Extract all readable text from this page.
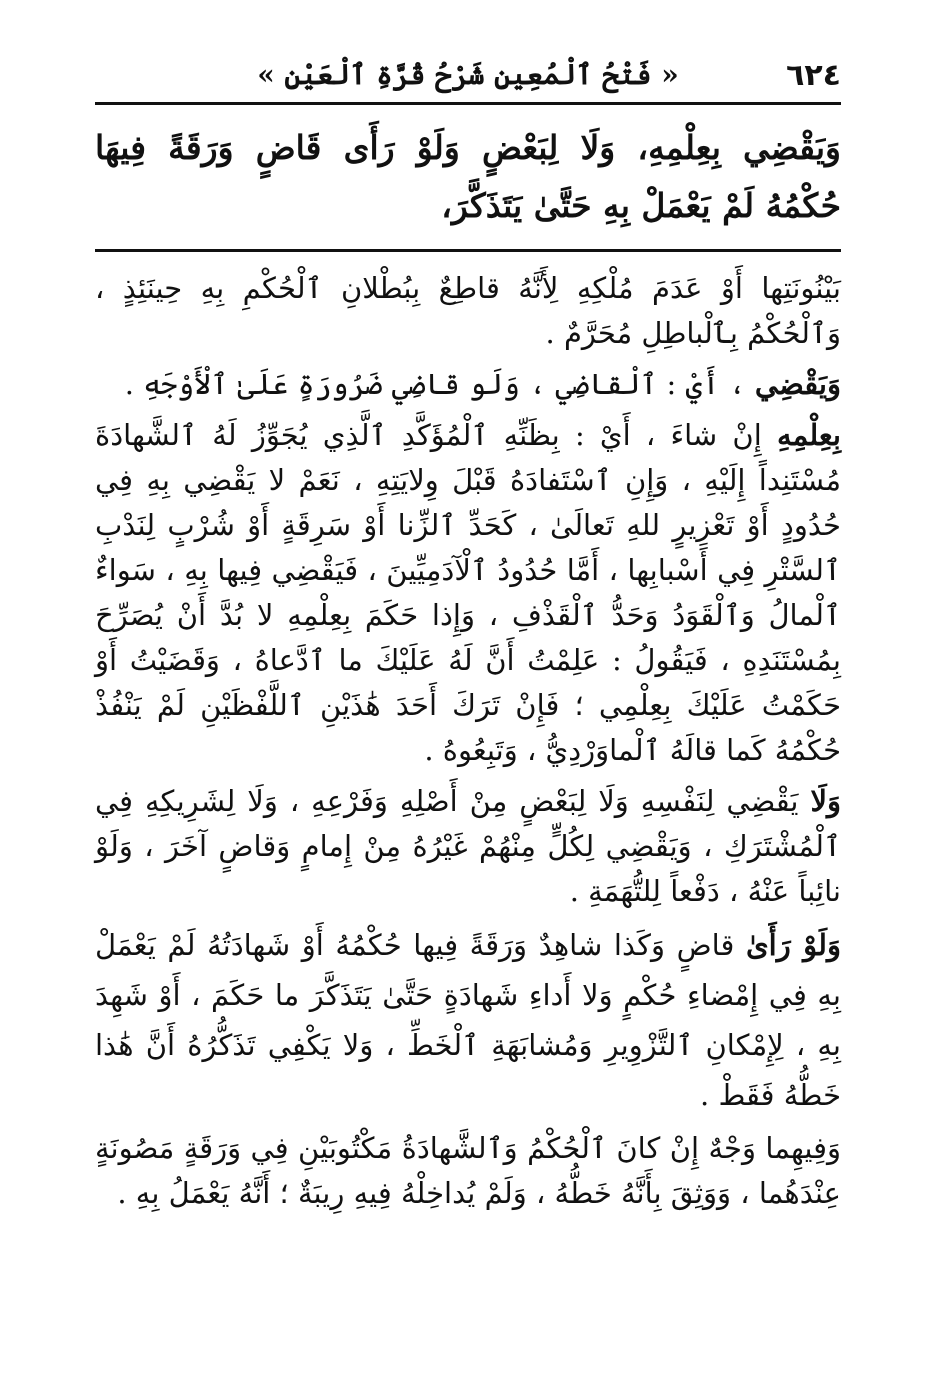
٦٢٤
« فَتْحُ ٱلْمُعِينِ شَرْحُ قُرَّةِ ٱلْعَيْنِ »
وَيَقْضِي بِعِلْمِهِ، وَلَا لِبَعْضٍ وَلَوْ رَأَى قَاضٍ وَرَقَةً فِيهَا حُكْمُهُ لَمْ يَعْمَلْ بِهِ حَتَّىٰ يَتَذَكَّرَ،

بَيْنُونَتِها أَوْ عَدَمَ مُلْكِهِ لِأَنَّهُ قاطِعٌ بِبُطْلانِ ٱلْحُكْمِ بِهِ حِينَئِذٍ ، وَٱلْحُكْمُ بِٱلْباطِلِ مُحَرَّمٌ .

وَيَقْضِي ، أَيْ : ٱلْقاضِي ، وَلَو قاضِي ضَرُورَةٍ عَلَىٰ ٱلْأَوْجَهِ .

بِعِلْمِهِ إِنْ شاءَ ، أَيْ : بِظَنِّهِ ٱلْمُؤَكَّدِ ٱلَّذِي يُجَوِّزُ لَهُ ٱلشَّهادَةَ مُسْتَنِداً إِلَيْهِ ، وَإِنِ ٱسْتَفادَهُ قَبْلَ وِلايَتِهِ ، نَعَمْ لا يَقْضِي بِهِ فِي حُدُودٍ أَوْ تَعْزِيرٍ للهِ تَعالَىٰ ، كَحَدِّ ٱلزِّنا أَوْ سَرِقَةٍ أَوْ شُرْبٍ لِنَدْبِ ٱلسَّتْرِ فِي أَسْبابِها ، أَمَّا حُدُودُ ٱلْآدَمِيِّينَ ، فَيَقْضِي فِيها بِهِ ، سَواءٌ ٱلْمالُ وَٱلْقَوَدُ وَحَدُّ ٱلْقَذْفِ ، وَإِذا حَكَمَ بِعِلْمِهِ لا بُدَّ أَنْ يُصَرِّحَ بِمُسْتَنَدِهِ ، فَيَقُولُ : عَلِمْتُ أَنَّ لَهُ عَلَيْكَ ما ٱدَّعاهُ ، وَقَضَيْتُ أَوْ حَكَمْتُ عَلَيْكَ بِعِلْمِي ؛ فَإِنْ تَرَكَ أَحَدَ هَٰذَيْنِ ٱللَّفْظَيْنِ لَمْ يَنْفُذْ حُكْمُهُ كَما قالَهُ ٱلْماوَرْدِيُّ ، وَتَبِعُوهُ .

وَلَا يَقْضِي لِنَفْسِهِ وَلَا لِبَعْضٍ مِنْ أَصْلِهِ وَفَرْعِهِ ، وَلَا لِشَرِيكِهِ فِي ٱلْمُشْتَرَكِ ، وَيَقْضِي لِكُلٍّ مِنْهُمْ غَيْرُهُ مِنْ إِمامٍ وَقاضٍ آخَرَ ، وَلَوْ نائِباً عَنْهُ ، دَفْعاً لِلتُّهَمَةِ .

وَلَوْ رَأَىٰ قاضٍ وَكَذا شاهِدٌ وَرَقَةً فِيها حُكْمُهُ أَوْ شَهادَتُهُ لَمْ يَعْمَلْ بِهِ فِي إِمْضاءِ حُكْمٍ وَلا أَداءِ شَهادَةٍ حَتَّىٰ يَتَذَكَّرَ ما حَكَمَ ، أَوْ شَهِدَ بِهِ ، لِإِمْكانِ ٱلتَّزْوِيرِ وَمُشابَهَةِ ٱلْخَطِّ ، وَلا يَكْفِي تَذَكُّرُهُ أَنَّ هَٰذا خَطُّهُ فَقَطْ .

وَفِيهِما وَجْهٌ إِنْ كانَ ٱلْحُكْمُ وَٱلشَّهادَةُ مَكْتُوبَيْنِ فِي وَرَقَةٍ مَصُونَةٍ عِنْدَهُما ، وَوَثِقَ بِأَنَّهُ خَطُّهُ ، وَلَمْ يُداخِلْهُ فِيهِ رِيبَةٌ ؛ أَنَّهُ يَعْمَلُ بِهِ .
